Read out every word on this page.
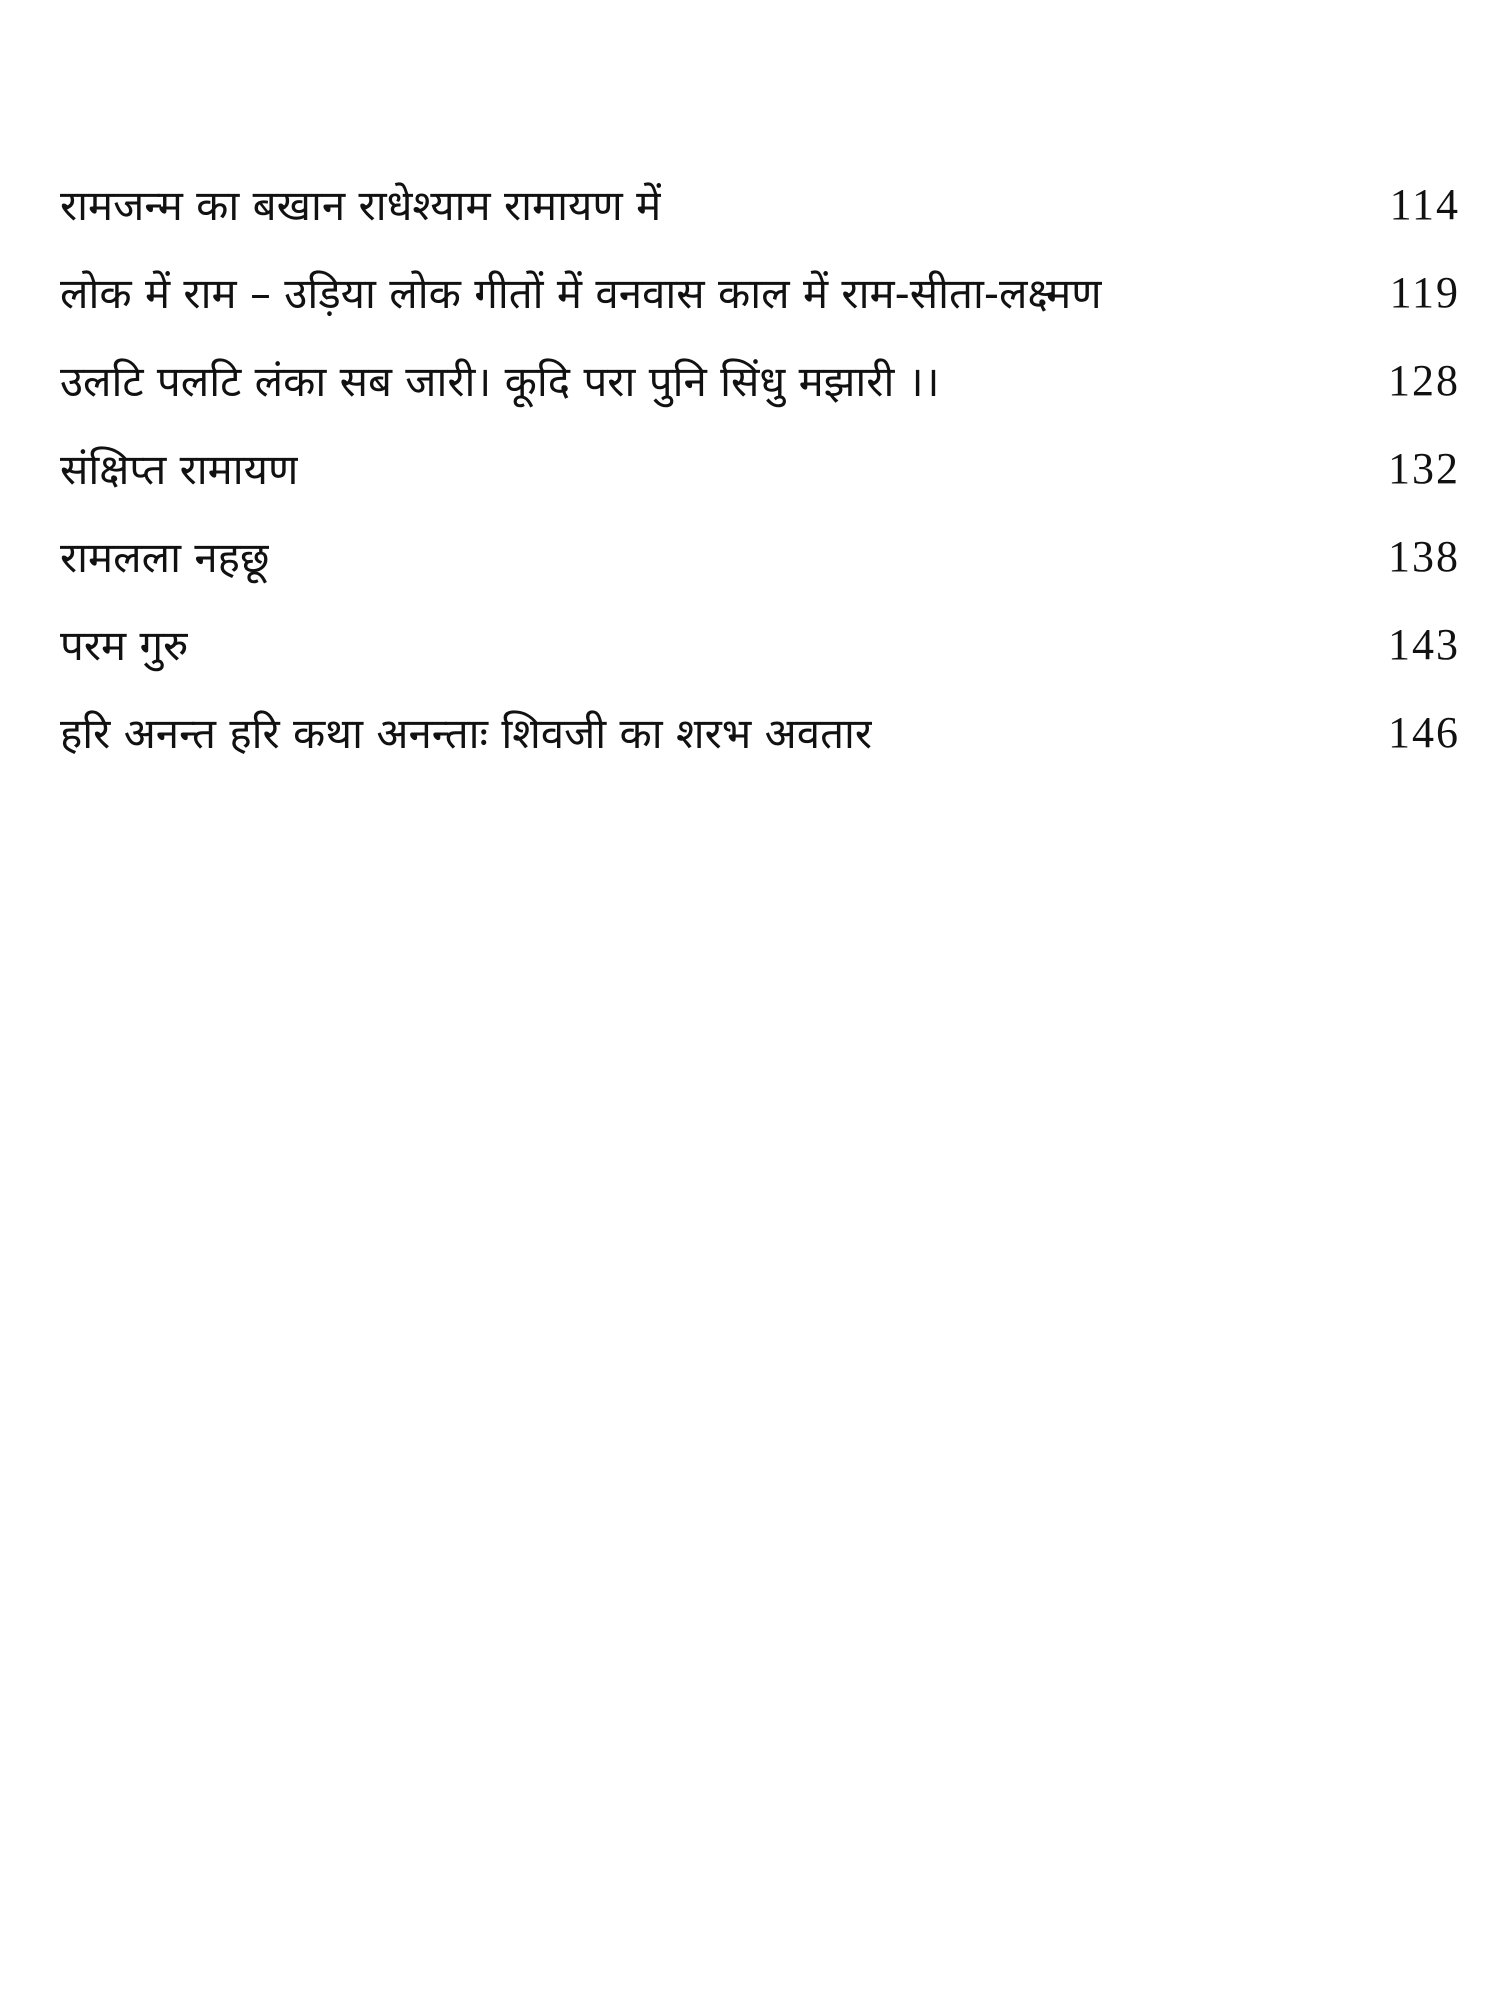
रामजन्म का बखान राधेश्याम रामायण में	114
लोक में राम – उड़िया लोक गीतों में वनवास काल में राम-सीता-लक्ष्मण	119
उलटि पलटि लंका सब जारी। कूदि परा पुनि सिंधु मझारी ।।	128
संक्षिप्त रामायण	132
रामलला नहछू	138
परम गुरु	143
हरि अनन्त हरि कथा अनन्ताः शिवजी का शरभ अवतार	146
